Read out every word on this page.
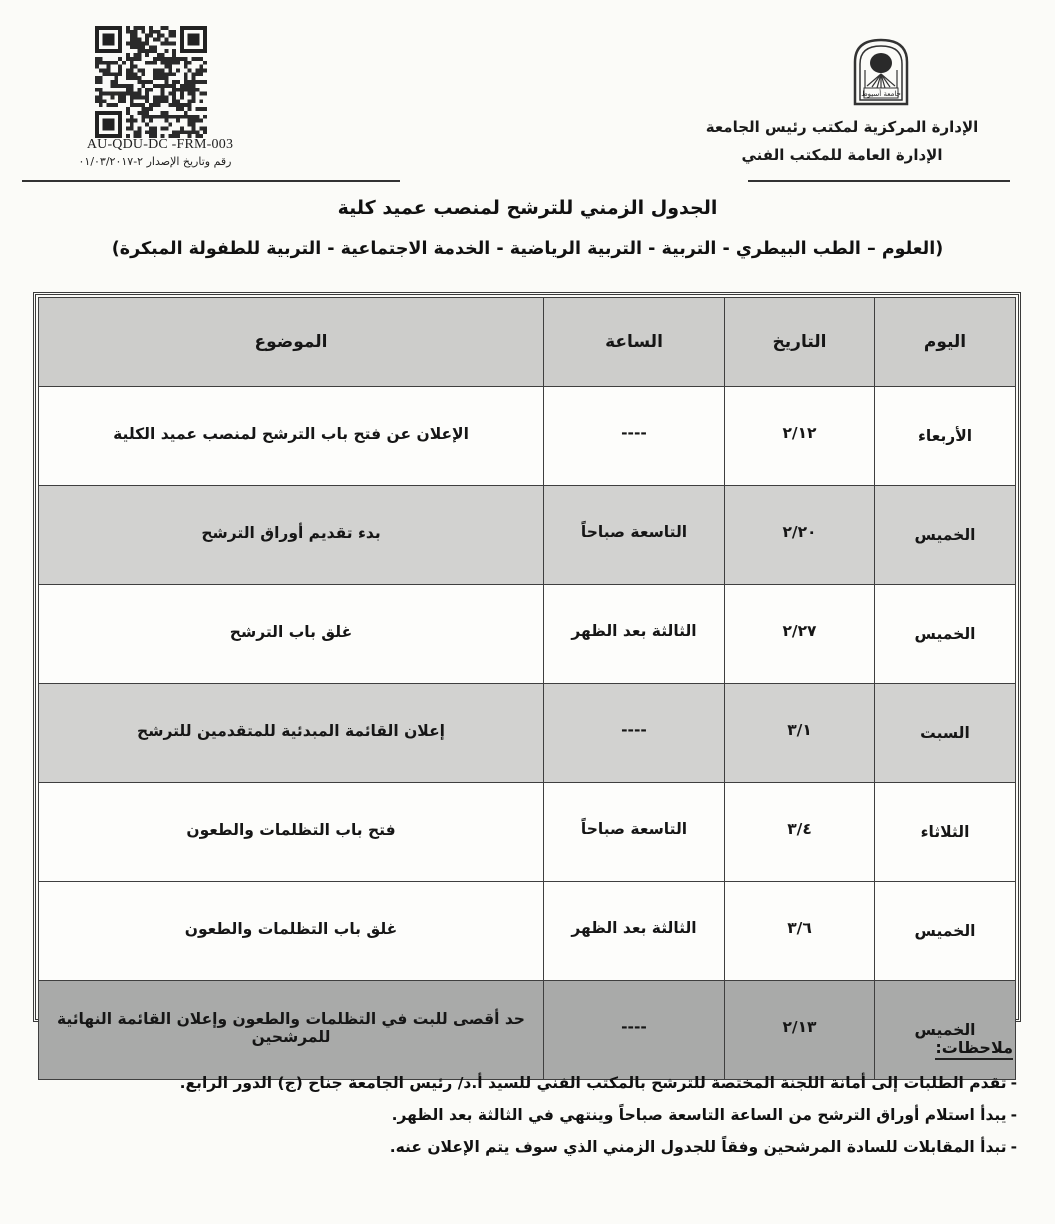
AU-QDU-DC -FRM-003
رقم وتاريخ الإصدار ٢-٠١/٠٣/٢٠١٧
جامعة أسيوط
الإدارة المركزية لمكتب رئيس الجامعة
الإدارة العامة للمكتب الفني
الجدول الزمني للترشح لمنصب عميد كلية
(العلوم – الطب البيطري - التربية - التربية الرياضية - الخدمة الاجتماعية - التربية للطفولة المبكرة)
اليوم	التاريخ	الساعة	الموضوع
الأربعاء	٢/١٢	----	الإعلان عن فتح باب الترشح لمنصب عميد الكلية
الخميس	٢/٢٠	التاسعة صباحاً	بدء تقديم أوراق الترشح
الخميس	٢/٢٧	الثالثة بعد الظهر	غلق باب الترشح
السبت	٣/١	----	إعلان القائمة المبدئية للمتقدمين للترشح
الثلاثاء	٣/٤	التاسعة صباحاً	فتح باب التظلمات والطعون
الخميس	٣/٦	الثالثة بعد الظهر	غلق باب التظلمات والطعون
الخميس	٢/١٣	----	حد أقصى للبت في التظلمات والطعون وإعلان القائمة النهائية للمرشحين
ملاحظات:
-تقدم الطلبات إلى أمانة اللجنة المختصة للترشح بالمكتب الفني للسيد أ.د/ رئيس الجامعة جناح (ج) الدور الرابع.
-يبدأ استلام أوراق الترشح من الساعة التاسعة صباحاً وينتهي في الثالثة بعد الظهر.
-تبدأ المقابلات للسادة المرشحين وفقاً للجدول الزمني الذي سوف يتم الإعلان عنه.
